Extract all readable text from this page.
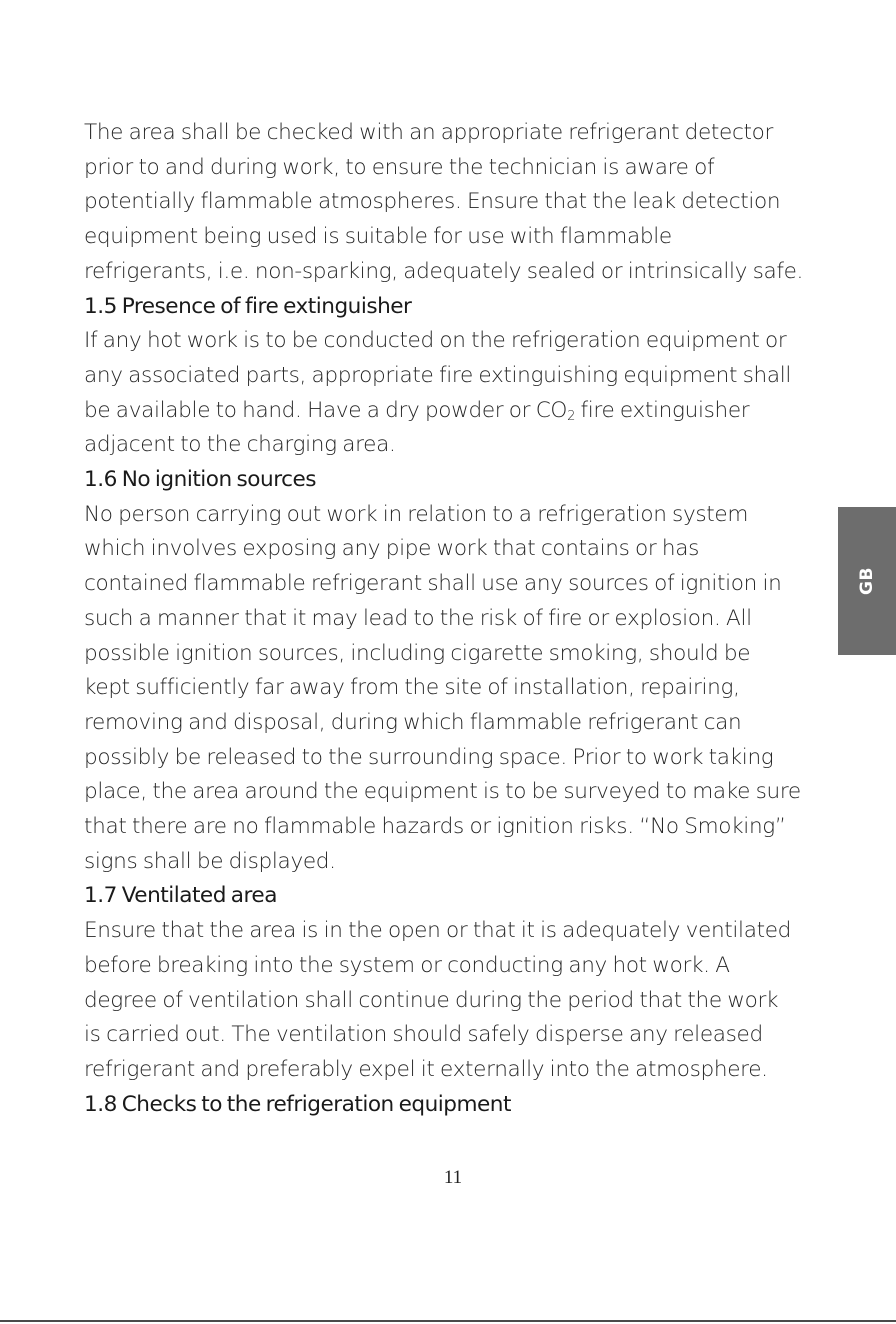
The area shall be checked with an appropriate refrigerant detector
prior to and during work, to ensure the technician is aware of
potentially flammable atmospheres. Ensure that the leak detection
equipment being used is suitable for use with flammable
refrigerants, i.e. non-sparking, adequately sealed or intrinsically safe.

1.5 Presence of fire extinguisher

If any hot work is to be conducted on the refrigeration equipment or
any associated parts, appropriate fire extinguishing equipment shall
be available to hand. Have a dry powder or $CO_2$ fire extinguisher
adjacent to the charging area.

1.6 No ignition sources

No person carrying out work in relation to a refrigeration system
which involves exposing any pipe work that contains or has
contained flammable refrigerant shall use any sources of ignition in
such a manner that it may lead to the risk of fire or explosion. All
possible ignition sources, including cigarette smoking, should be
kept sufficiently far away from the site of installation, repairing,
removing and disposal, during which flammable refrigerant can
possibly be released to the surrounding space. Prior to work taking
place, the area around the equipment is to be surveyed to make sure
that there are no flammable hazards or ignition risks. “No Smoking”
signs shall be displayed.

1.7 Ventilated area

Ensure that the area is in the open or that it is adequately ventilated
before breaking into the system or conducting any hot work. A
degree of ventilation shall continue during the period that the work
is carried out. The ventilation should safely disperse any released
refrigerant and preferably expel it externally into the atmosphere.

1.8 Checks to the refrigeration equipment
GB
11
